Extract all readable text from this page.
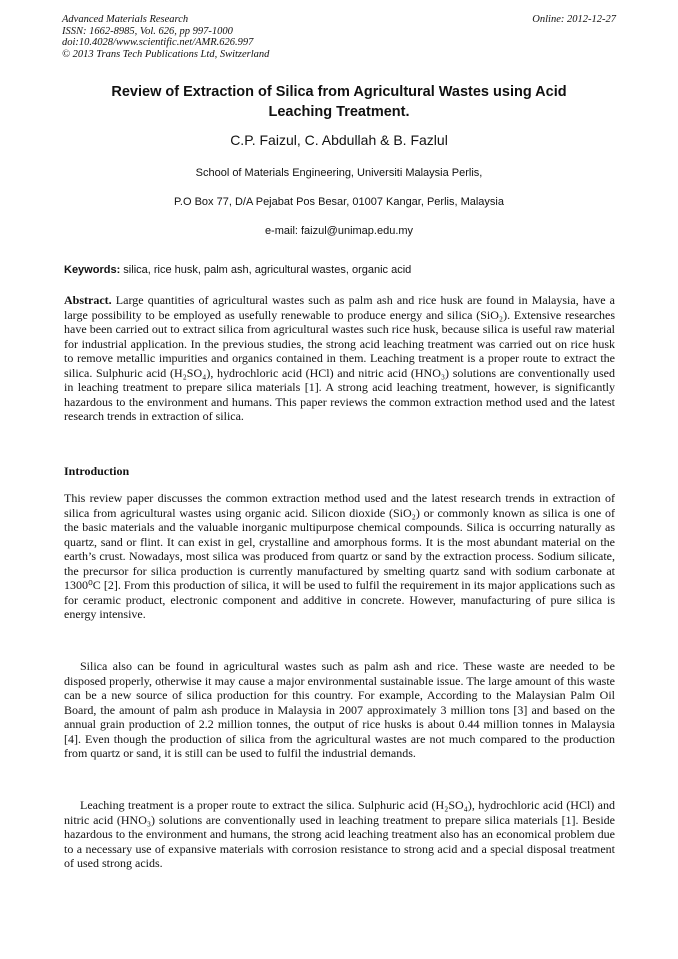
Advanced Materials Research
ISSN: 1662-8985, Vol. 626, pp 997-1000
doi:10.4028/www.scientific.net/AMR.626.997
© 2013 Trans Tech Publications Ltd, Switzerland
Online: 2012-12-27
Review of Extraction of Silica from Agricultural Wastes using Acid
Leaching Treatment.
C.P. Faizul, C. Abdullah & B. Fazlul
School of Materials Engineering, Universiti Malaysia Perlis,
P.O Box 77, D/A Pejabat Pos Besar, 01007 Kangar, Perlis, Malaysia
e-mail: faizul@unimap.edu.my
Keywords: silica, rice husk, palm ash, agricultural wastes, organic acid

Abstract. Large quantities of agricultural wastes such as palm ash and rice husk are found in Malaysia, have a large possibility to be employed as usefully renewable to produce energy and silica (SiO₂). Extensive researches have been carried out to extract silica from agricultural wastes such rice husk, because silica is useful raw material for industrial application. In the previous studies, the strong acid leaching treatment was carried out on rice husk to remove metallic impurities and organics contained in them. Leaching treatment is a proper route to extract the silica. Sulphuric acid (H₂SO₄), hydrochloric acid (HCl) and nitric acid (HNO₃) solutions are conventionally used in leaching treatment to prepare silica materials [1]. A strong acid leaching treatment, however, is significantly hazardous to the environment and humans. This paper reviews the common extraction method used and the latest research trends in extraction of silica.

Introduction

This review paper discusses the common extraction method used and the latest research trends in extraction of silica from agricultural wastes using organic acid. Silicon dioxide (SiO₂) or commonly known as silica is one of the basic materials and the valuable inorganic multipurpose chemical compounds. Silica is occurring naturally as quartz, sand or flint. It can exist in gel, crystalline and amorphous forms. It is the most abundant material on the earth’s crust. Nowadays, most silica was produced from quartz or sand by the extraction process. Sodium silicate, the precursor for silica production is currently manufactured by smelting quartz sand with sodium carbonate at 1300⁰C [2]. From this production of silica, it will be used to fulfil the requirement in its major applications such as for ceramic product, electronic component and additive in concrete. However, manufacturing of pure silica is energy intensive.

Silica also can be found in agricultural wastes such as palm ash and rice. These waste are needed to be disposed properly, otherwise it may cause a major environmental sustainable issue. The large amount of this waste can be a new source of silica production for this country. For example, According to the Malaysian Palm Oil Board, the amount of palm ash produce in Malaysia in 2007 approximately 3 million tons [3] and based on the annual grain production of 2.2 million tonnes, the output of rice husks is about 0.44 million tonnes in Malaysia [4]. Even though the production of silica from the agricultural wastes are not much compared to the production from quartz or sand, it is still can be used to fulfil the industrial demands.

Leaching treatment is a proper route to extract the silica. Sulphuric acid (H₂SO₄), hydrochloric acid (HCl) and nitric acid (HNO₃) solutions are conventionally used in leaching treatment to prepare silica materials [1]. Beside hazardous to the environment and humans, the strong acid leaching treatment also has an economical problem due to a necessary use of expansive materials with corrosion resistance to strong acid and a special disposal treatment of used strong acids.
